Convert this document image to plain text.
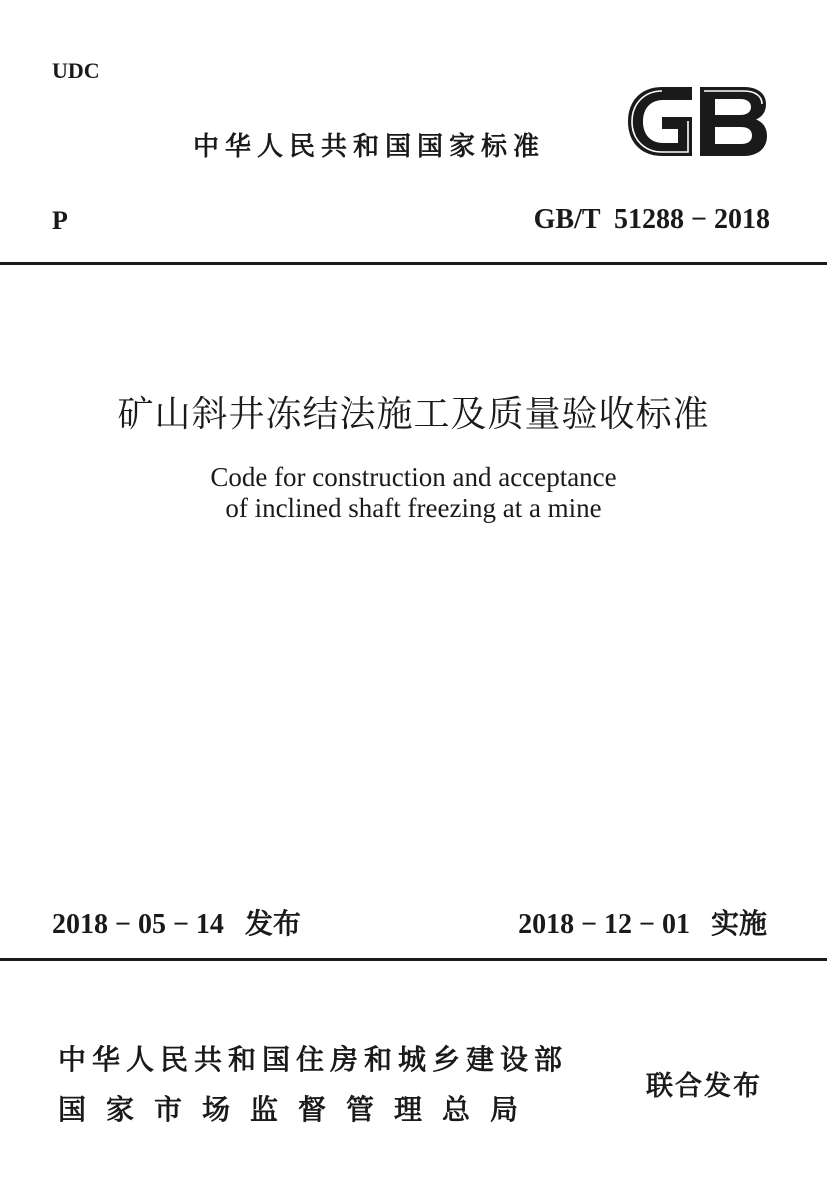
UDC
中华人民共和国国家标准
P	GB/T  51288 − 2018
矿山斜井冻结法施工及质量验收标准
Code for construction and acceptance
of inclined shaft freezing at a mine
2018 − 05 − 14 发布	2018 − 12 − 01 实施
中华人民共和国住房和城乡建设部
国家市场监督管理总局
联合发布
